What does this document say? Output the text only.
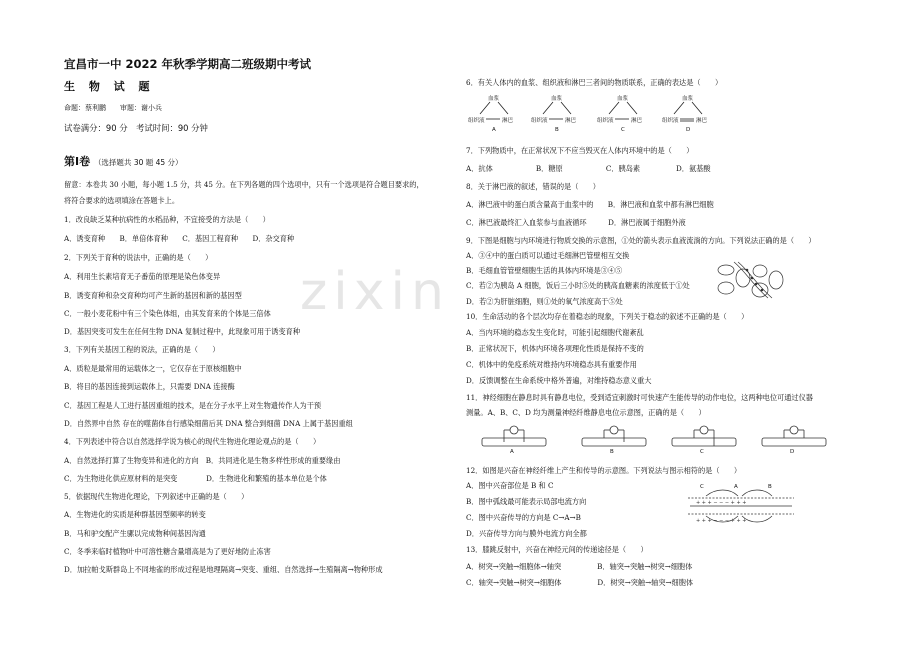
zixin
宜昌市一中 2022 年秋季学期高二班级期中考试
生 物 试 题
命题：蔡利鹏　　审题：谢小兵
试卷满分：90 分　考试时间：90 分钟
第Ⅰ卷 （选择题共 30 题 45 分）
留意：本卷共 30 小题，每小题 1.5 分，共 45 分。在下列各题的四个选项中，只有一个选项是符合题目要求的，
将符合要求的选项填涂在答题卡上。
1．改良缺乏某种抗病性的水稻品种，不宜接受的方法是（　　）
A．诱变育种　　B．单倍体育种　　C．基因工程育种　　D．杂交育种
2．下列关于育种的说法中，正确的是（　　）
A．利用生长素培育无子番茄的原理是染色体变异
B．诱变育种和杂交育种均可产生新的基因和新的基因型
C．一般小麦花粉中有三个染色体组，由其发育来的个体是三倍体
D．基因突变可发生在任何生物 DNA 复制过程中，此现象可用于诱变育种
3．下列有关基因工程的说法，正确的是（　　）
A．质粒是最常用的运载体之一，它仅存在于原核细胞中
B．将目的基因连接到运载体上，只需要 DNA 连接酶
C．基因工程是人工进行基因重组的技术，是在分子水平上对生物遗传作人为干预
D．自然界中自然 存在的噬菌体自行感染细菌后其 DNA 整合到细菌 DNA 上属于基因重组
4．下列表述中符合以自然选择学说为核心的现代生物进化理论观点的是（　　）
A．自然选择打算了生物变异和进化的方向　B．共同进化是生物多样性形成的重要缘由
C．为生物进化供应原材料的是突变　　　　D．生物进化和繁殖的基本单位是个体
5．依据现代生物进化理论，下列叙述中正确的是（　　）
A．生物进化的实质是种群基因型频率的转变
B．马和驴交配产生骡以完成物种间基因沟通
C．冬季来临时植物叶中可溶性糖含量增高是为了更好地防止冻害
D．加拉帕戈斯群岛上不同地雀的形成过程是地理隔离→突变、重组、自然选择→生殖隔离→物种形成
6．有关人体内的血浆、组织液和淋巴三者间的物质联系，正确的表达是（　　）
血浆
组织液	淋巴
A
血浆
组织液	淋巴
B
血浆
组织液	淋巴
C
血浆
组织液	淋巴
D
7．下列物质中，在正常状况下不应当毁灭在人体内环境中的是（　　）
A．抗体　　　　　　B．糖原　　　　　　C．胰岛素　　　　　D．氨基酸
8．关于淋巴液的叙述，错误的是（　　）
A．淋巴液中的蛋白质含量高于血浆中的　　B．淋巴液和血浆中都有淋巴细胞
C．淋巴液最终汇入血浆参与血液循环　　　D．淋巴液属于细胞外液
9．下图是细胞与内环境进行物质交换的示意图，①处的箭头表示血液流淌的方向。下列说法正确的是（　　）
A．③④中的蛋白质可以通过毛细淋巴管壁相互交换
B．毛细血管管壁细胞生活的具体内环境是③④⑤
C．若②为胰岛 A 细胞，饭后三小时⑤处的胰高血糖素的浓度低于①处
D．若②为肝脏细胞，则①处的氧气浓度高于⑤处
10．生命活动的各个层次均存在着稳态的现象，下列关于稳态的叙述不正确的是（　　）
A．当内环境的稳态发生变化时，可能引起细胞代谢紊乱
B．正常状况下，机体内环境各项理化性质是保持不变的
C．机体中的免疫系统对维持内环境稳态具有重要作用
D．反馈调整在生命系统中格外普遍，对维持稳态意义重大
11．神经细胞在静息时具有静息电位，受到适宜刺激时可快速产生能传导的动作电位，这两种电位可通过仪器
测量。A、B、C、D 均为测量神经纤维静息电位示意图，正确的是（　　）
A	B	C	D
12．如图是兴奋在神经纤维上产生和传导的示意图。下列说法与图示相符的是（　　）
A．图中兴奋部位是 B 和 C
B．图中弧线最可能表示局部电流方向
C．图中兴奋传导的方向是 C→A→B
D．兴奋传导方向与膜外电流方向全都
C	A	B
+ + + − − − + + +
+ + + − − − + + +
13．膝跳反射中，兴奋在神经元间的传递途径是（　　）
A．树突→突触→细胞体→轴突　　　　　B．轴突→突触→树突→细胞体
C．轴突→突触→树突→细胞体　　　　　D．树突→突触→轴突→细胞体
